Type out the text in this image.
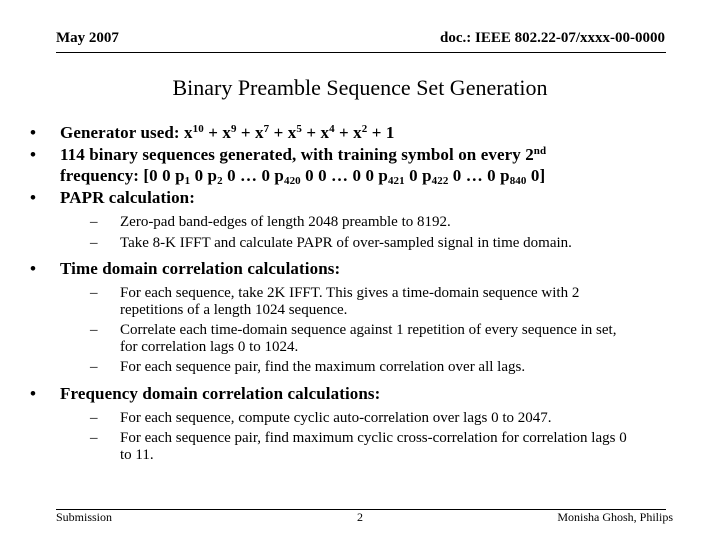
May 2007	doc.: IEEE 802.22-07/xxxx-00-0000
Binary Preamble Sequence Set Generation
• Generator used: $x^{10} + x^9 + x^7 + x^5 + x^4 + x^2 + 1$
• 114 binary sequences generated, with training symbol on every 2nd
frequency: [0 0 $p_1$ 0 $p_2$ 0 … 0 $p_{420}$ 0 0 … 0 0 $p_{421}$ 0 $p_{422}$ 0 … 0 $p_{840}$ 0]
• PAPR calculation:
– Zero-pad band-edges of length 2048 preamble to 8192.
– Take 8-K IFFT and calculate PAPR of over-sampled signal in time domain.
• Time domain correlation calculations:
– For each sequence, take 2K IFFT. This gives a time-domain sequence with 2
repetitions of a length 1024 sequence.
– Correlate each time-domain sequence against 1 repetition of every sequence in set,
for correlation lags 0 to 1024.
– For each sequence pair, find the maximum correlation over all lags.
• Frequency domain correlation calculations:
– For each sequence, compute cyclic auto-correlation over lags 0 to 2047.
– For each sequence pair, find maximum cyclic cross-correlation for correlation lags 0
to 11.
Submission	2	Monisha Ghosh, Philips
